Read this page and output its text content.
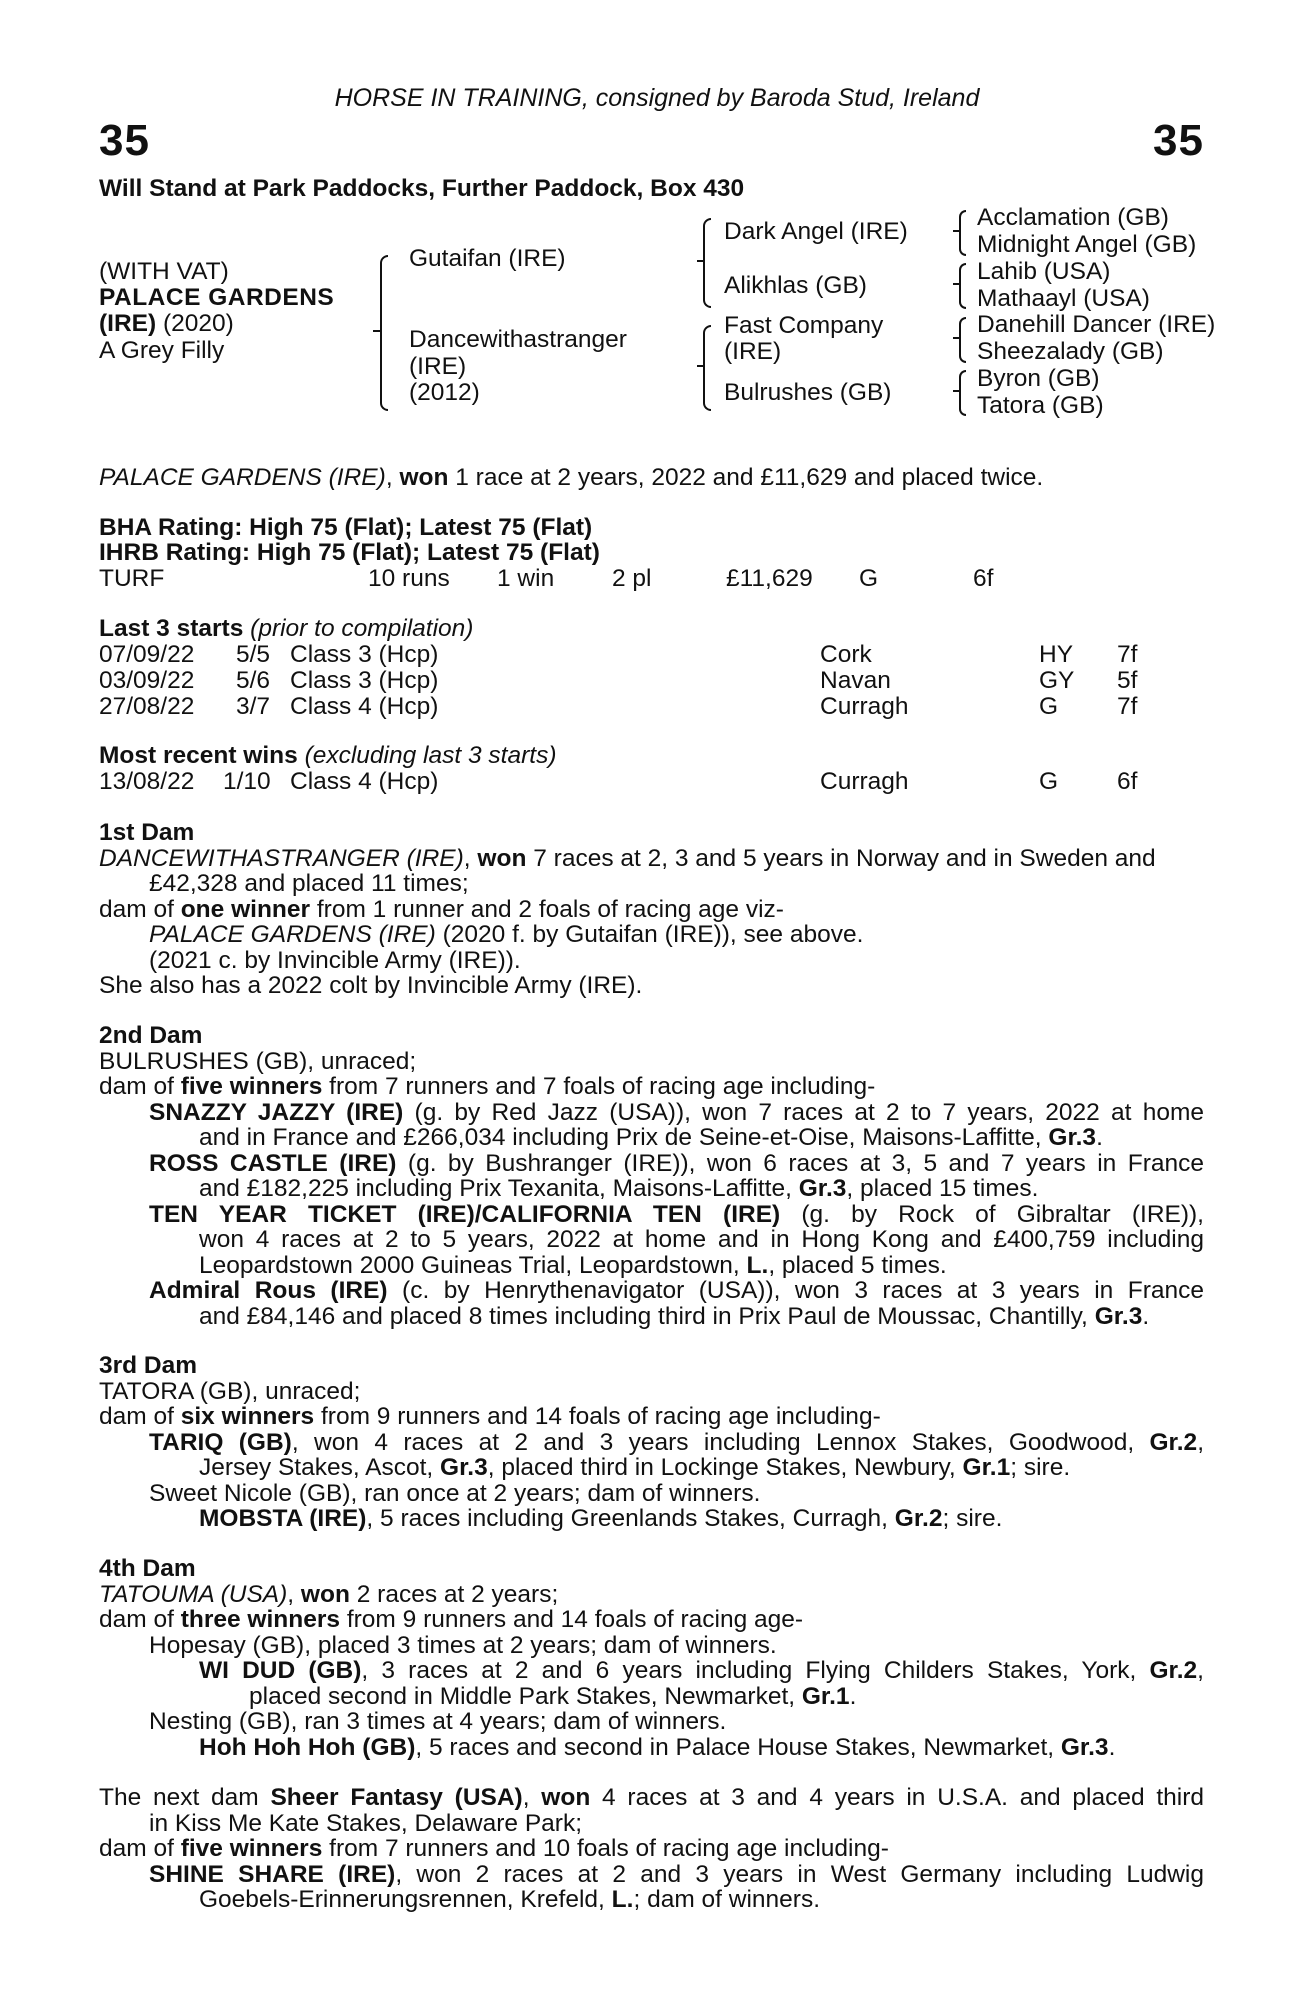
HORSE IN TRAINING, consigned by Baroda Stud, Ireland
35	35
Will Stand at Park Paddocks, Further Paddock, Box 430
(WITH VAT)
PALACE GARDENS
(IRE) (2020)
A Grey Filly
Gutaifan (IRE)
Dancewithastranger
(IRE)
(2012)
Dark Angel (IRE)
Alikhlas (GB)
Fast Company
(IRE)
Bulrushes (GB)
Acclamation (GB)
Midnight Angel (GB)
Lahib (USA)
Mathaayl (USA)
Danehill Dancer (IRE)
Sheezalady (GB)
Byron (GB)
Tatora (GB)
PALACE GARDENS (IRE), won 1 race at 2 years, 2022 and £11,629 and placed twice.
BHA Rating: High 75 (Flat); Latest 75 (Flat)
IHRB Rating: High 75 (Flat); Latest 75 (Flat)
TURF	10 runs 1 win 2 pl	£11,629 G	6f
Last 3 starts (prior to compilation)
07/09/22 5/5 Class 3 (Hcp)	Cork	HY 7f
03/09/22 5/6 Class 3 (Hcp)	Navan	GY 5f
27/08/22 3/7 Class 4 (Hcp)	Curragh	G 7f
Most recent wins (excluding last 3 starts)
13/08/22 1/10 Class 4 (Hcp)	Curragh	G 6f
1st Dam
DANCEWITHASTRANGER (IRE), won 7 races at 2, 3 and 5 years in Norway and in Sweden and
£42,328 and placed 11 times;
dam of one winner from 1 runner and 2 foals of racing age viz-
PALACE GARDENS (IRE) (2020 f. by Gutaifan (IRE)), see above.
(2021 c. by Invincible Army (IRE)).
She also has a 2022 colt by Invincible Army (IRE).
2nd Dam
BULRUSHES (GB), unraced;
dam of five winners from 7 runners and 7 foals of racing age including-
SNAZZY JAZZY (IRE) (g. by Red Jazz (USA)), won 7 races at 2 to 7 years, 2022 at home
and in France and £266,034 including Prix de Seine-et-Oise, Maisons-Laffitte, Gr.3.
ROSS CASTLE (IRE) (g. by Bushranger (IRE)), won 6 races at 3, 5 and 7 years in France
and £182,225 including Prix Texanita, Maisons-Laffitte, Gr.3, placed 15 times.
TEN YEAR TICKET (IRE)/CALIFORNIA TEN (IRE) (g. by Rock of Gibraltar (IRE)),
won 4 races at 2 to 5 years, 2022 at home and in Hong Kong and £400,759 including
Leopardstown 2000 Guineas Trial, Leopardstown, L., placed 5 times.
Admiral Rous (IRE) (c. by Henrythenavigator (USA)), won 3 races at 3 years in France
and £84,146 and placed 8 times including third in Prix Paul de Moussac, Chantilly, Gr.3.
3rd Dam
TATORA (GB), unraced;
dam of six winners from 9 runners and 14 foals of racing age including-
TARIQ (GB), won 4 races at 2 and 3 years including Lennox Stakes, Goodwood, Gr.2,
Jersey Stakes, Ascot, Gr.3, placed third in Lockinge Stakes, Newbury, Gr.1; sire.
Sweet Nicole (GB), ran once at 2 years; dam of winners.
MOBSTA (IRE), 5 races including Greenlands Stakes, Curragh, Gr.2; sire.
4th Dam
TATOUMA (USA), won 2 races at 2 years;
dam of three winners from 9 runners and 14 foals of racing age-
Hopesay (GB), placed 3 times at 2 years; dam of winners.
WI DUD (GB), 3 races at 2 and 6 years including Flying Childers Stakes, York, Gr.2,
placed second in Middle Park Stakes, Newmarket, Gr.1.
Nesting (GB), ran 3 times at 4 years; dam of winners.
Hoh Hoh Hoh (GB), 5 races and second in Palace House Stakes, Newmarket, Gr.3.
The next dam Sheer Fantasy (USA), won 4 races at 3 and 4 years in U.S.A. and placed third
in Kiss Me Kate Stakes, Delaware Park;
dam of five winners from 7 runners and 10 foals of racing age including-
SHINE SHARE (IRE), won 2 races at 2 and 3 years in West Germany including Ludwig
Goebels-Erinnerungsrennen, Krefeld, L.; dam of winners.
